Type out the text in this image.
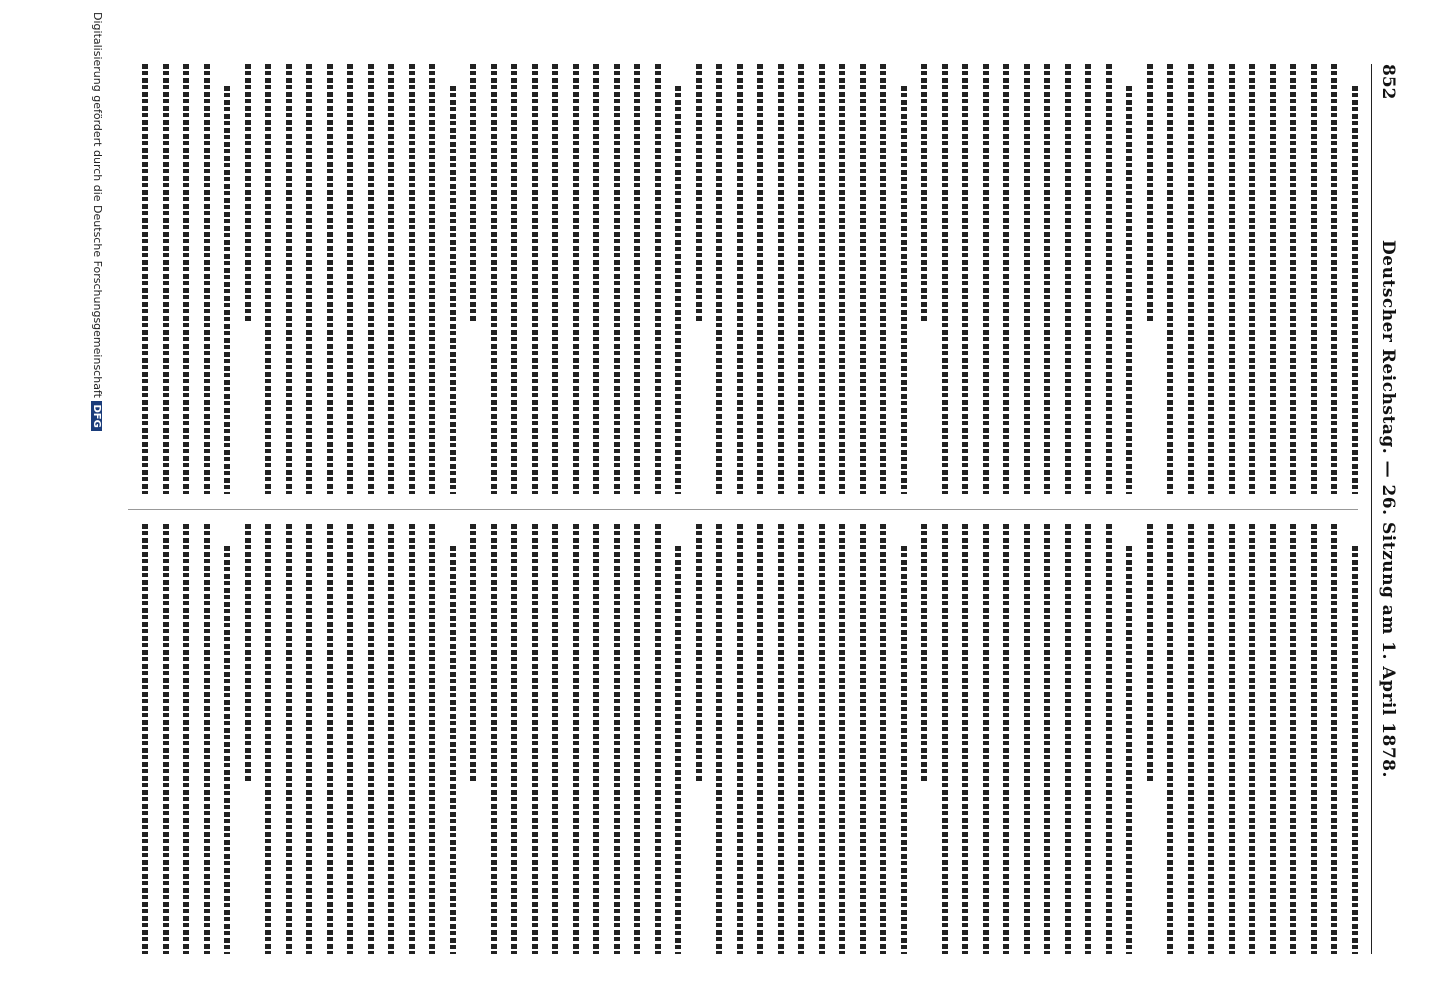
852
Deutscher Reichstag. — 26. Sitzung am 1. April 1878.
Digitalisierung gefördert durch die Deutsche Forschungsgemeinschaft DFG
